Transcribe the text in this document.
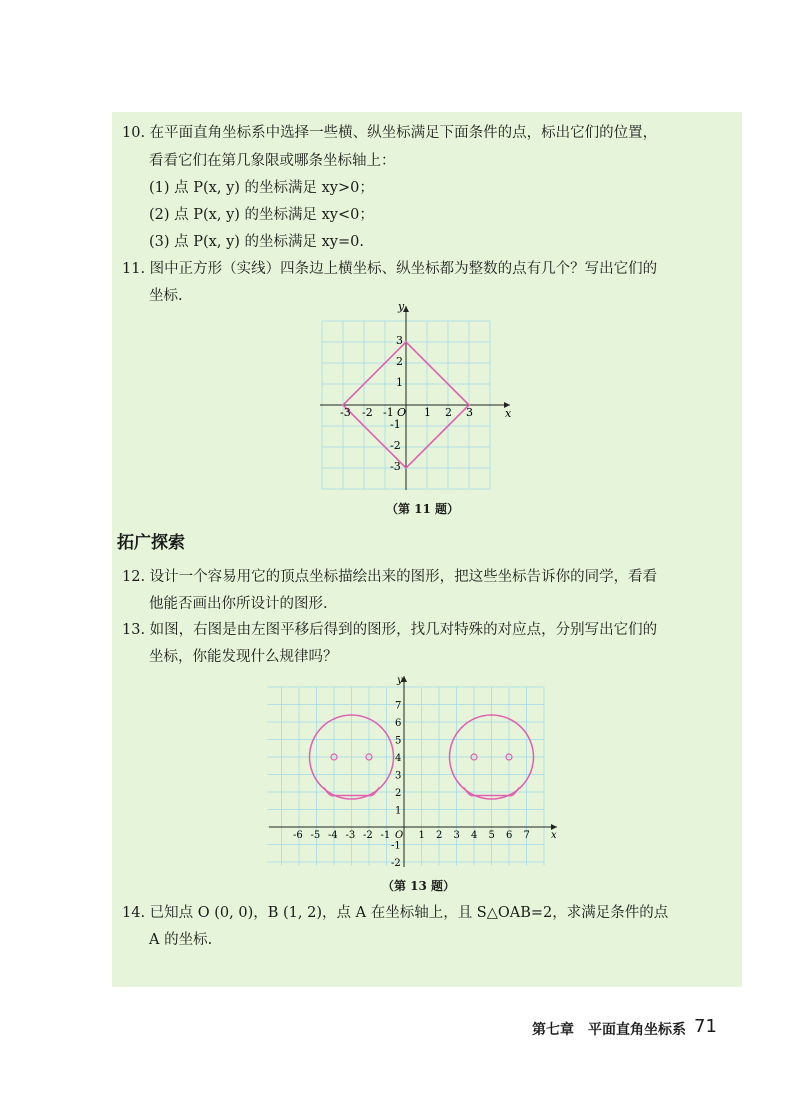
10. 在平面直角坐标系中选择一些横、纵坐标满足下面条件的点，标出它们的位置，
看看它们在第几象限或哪条坐标轴上：
(1) 点 P(x, y) 的坐标满足 xy>0；
(2) 点 P(x, y) 的坐标满足 xy<0；
(3) 点 P(x, y) 的坐标满足 xy=0.
11. 图中正方形（实线）四条边上横坐标、纵坐标都为整数的点有几个？写出它们的
坐标.
x
y
-3 -2 -1 O 1 2 3
3
2
1
-1
-2
-3
（第 11 题）
拓广探索
12. 设计一个容易用它的顶点坐标描绘出来的图形，把这些坐标告诉你的同学，看看
他能否画出你所设计的图形.
13. 如图，右图是由左图平移后得到的图形，找几对特殊的对应点，分别写出它们的
坐标，你能发现什么规律吗？
x
y
-6 -5 -4 -3 -2 -1 O 1 2 3 4 5 6 7
7
6
5
4
3
2
1
-1
-2
（第 13 题）
14. 已知点 O (0, 0)，B (1, 2)，点 A 在坐标轴上，且 S△OAB=2，求满足条件的点
A 的坐标.
第七章　平面直角坐标系 71
